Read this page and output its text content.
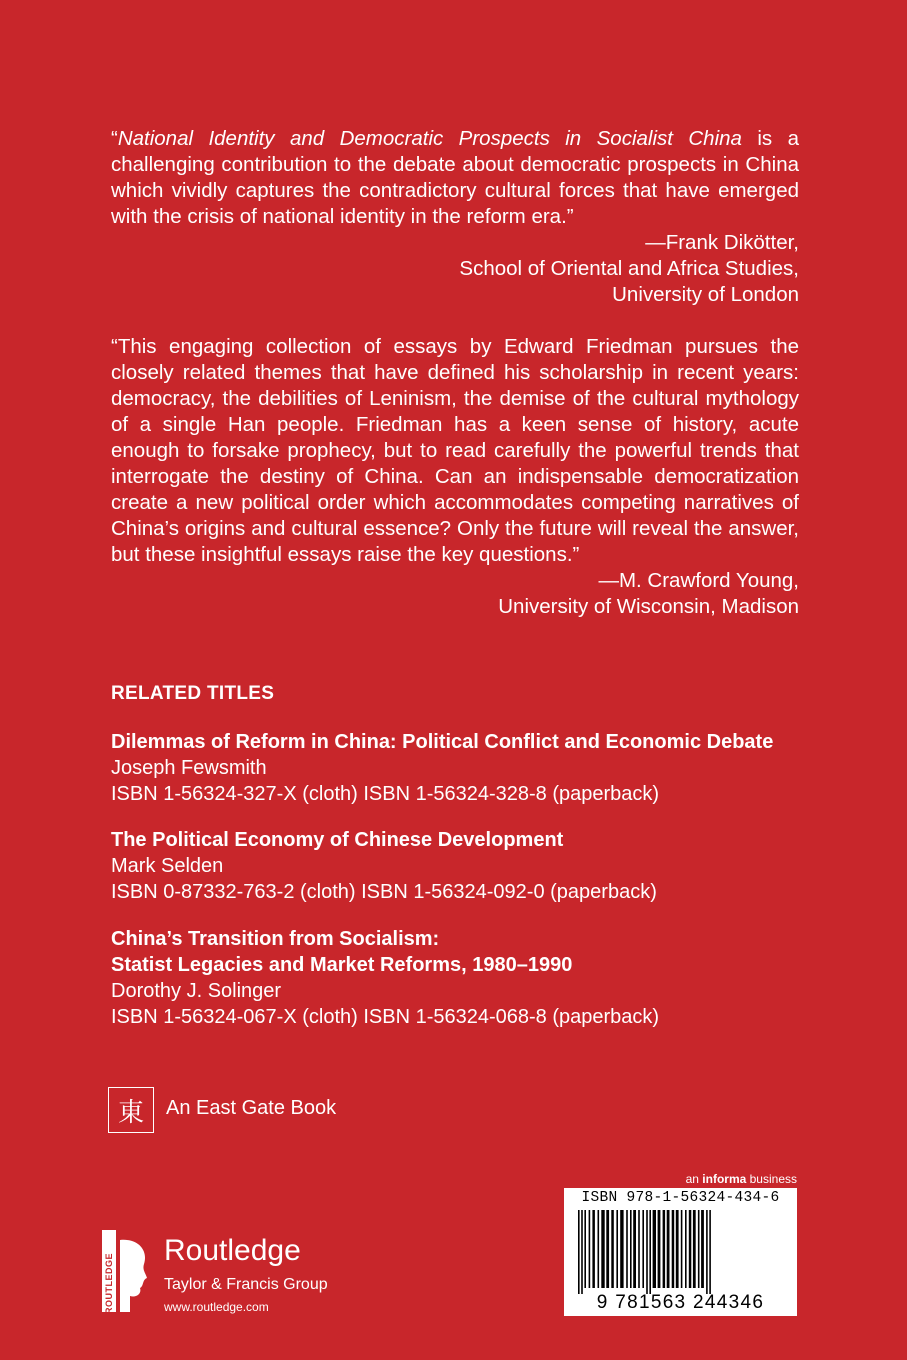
“National Identity and Democratic Prospects in Socialist China is a challenging contribution to the debate about democratic prospects in China which vividly captures the contradictory cultural forces that have emerged with the crisis of national identity in the reform era.”
—Frank Dikötter,
School of Oriental and Africa Studies,
University of London
“This engaging collection of essays by Edward Friedman pursues the closely related themes that have defined his scholarship in recent years: democracy, the debilities of Leninism, the demise of the cultural mythology of a single Han people. Friedman has a keen sense of history, acute enough to forsake prophecy, but to read carefully the powerful trends that interrogate the destiny of China. Can an indispensable democratization create a new political order which accommodates competing narratives of China’s origins and cultural essence? Only the future will reveal the answer, but these insightful essays raise the key questions.”
—M. Crawford Young,
University of Wisconsin, Madison
RELATED TITLES
Dilemmas of Reform in China: Political Conflict and Economic Debate
Joseph Fewsmith
ISBN 1-56324-327-X (cloth) ISBN 1-56324-328-8 (paperback)
The Political Economy of Chinese Development
Mark Selden
ISBN 0-87332-763-2 (cloth) ISBN 1-56324-092-0 (paperback)
China’s Transition from Socialism:
Statist Legacies and Market Reforms, 1980–1990
Dorothy J. Solinger
ISBN 1-56324-067-X (cloth) ISBN 1-56324-068-8 (paperback)
東	An East Gate Book
ROUTLEDGE
Routledge
Taylor & Francis Group
www.routledge.com
an informa business
ISBN 978-1-56324-434-6
9 781563 244346
